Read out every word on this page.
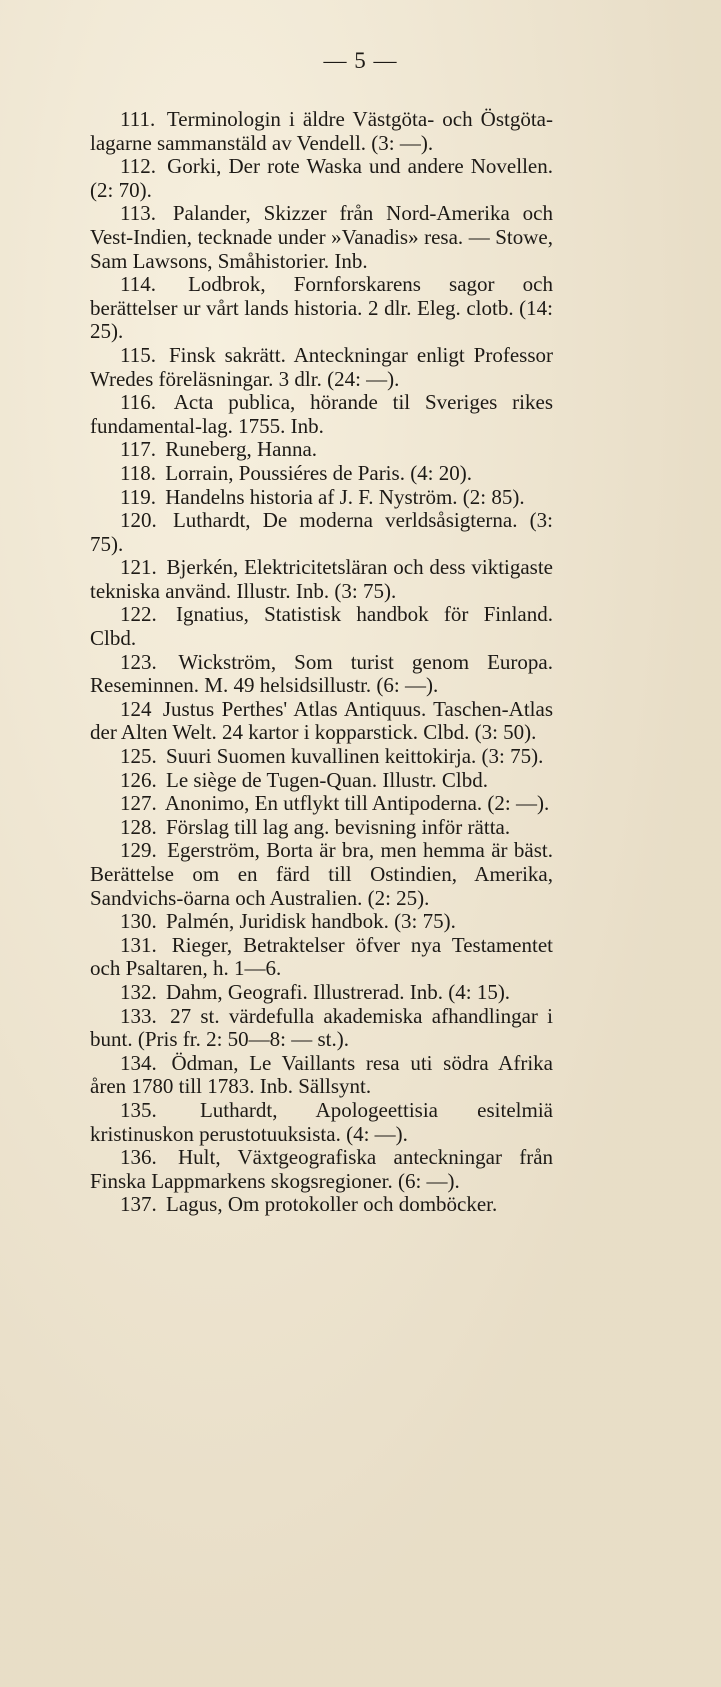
— 5 —

111. Terminologin i äldre Västgöta- och Östgöta-lagarne sammanstäld av Vendell. (3: —).

112. Gorki, Der rote Waska und andere Novellen. (2: 70).

113. Palander, Skizzer från Nord-Amerika och Vest-Indien, tecknade under »Vanadis» resa. — Stowe, Sam Lawsons, Småhistorier. Inb.

114. Lodbrok, Fornforskarens sagor och berättelser ur vårt lands historia. 2 dlr. Eleg. clotb. (14: 25).

115. Finsk sakrätt. Anteckningar enligt Professor Wredes föreläsningar. 3 dlr. (24: —).

116. Acta publica, hörande til Sveriges rikes fundamental-lag. 1755. Inb.

117. Runeberg, Hanna.

118. Lorrain, Poussiéres de Paris. (4: 20).

119. Handelns historia af J. F. Nyström. (2: 85).

120. Luthardt, De moderna verldsåsigterna. (3: 75).

121. Bjerkén, Elektricitetsläran och dess viktigaste tekniska använd. Illustr. Inb. (3: 75).

122. Ignatius, Statistisk handbok för Finland. Clbd.

123. Wickström, Som turist genom Europa. Reseminnen. M. 49 helsidsillustr. (6: —).

124 Justus Perthes' Atlas Antiquus. Taschen-Atlas der Alten Welt. 24 kartor i kopparstick. Clbd. (3: 50).

125. Suuri Suomen kuvallinen keittokirja. (3: 75).

126. Le siège de Tugen-Quan. Illustr. Clbd.

127. Anonimo, En utflykt till Antipoderna. (2: —).

128. Förslag till lag ang. bevisning inför rätta.

129. Egerström, Borta är bra, men hemma är bäst. Berättelse om en färd till Ostindien, Amerika, Sandvichs-öarna och Australien. (2: 25).

130. Palmén, Juridisk handbok. (3: 75).

131. Rieger, Betraktelser öfver nya Testamentet och Psaltaren, h. 1—6.

132. Dahm, Geografi. Illustrerad. Inb. (4: 15).

133. 27 st. värdefulla akademiska afhandlingar i bunt. (Pris fr. 2: 50—8: — st.).

134. Ödman, Le Vaillants resa uti södra Afrika åren 1780 till 1783. Inb. Sällsynt.

135. Luthardt, Apologeettisia esitelmiä kristinuskon perustotuuksista. (4: —).

136. Hult, Växtgeografiska anteckningar från Finska Lappmarkens skogsregioner. (6: —).

137. Lagus, Om protokoller och domböcker.
